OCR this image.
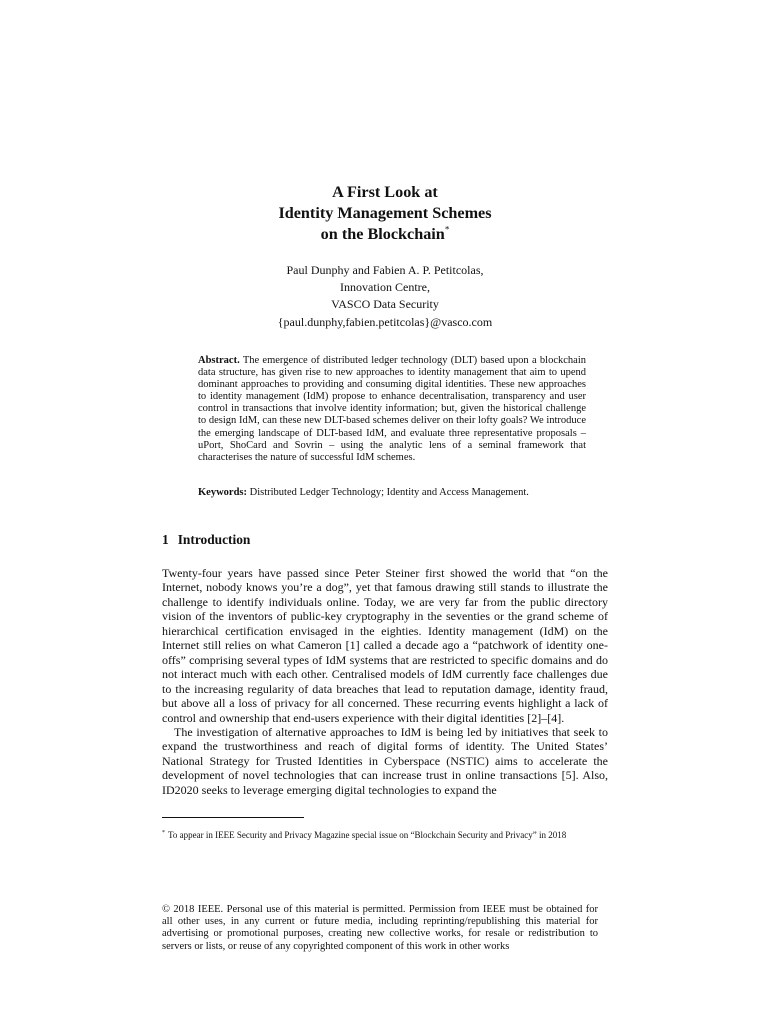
A First Look at
Identity Management Schemes
on the Blockchain*
Paul Dunphy and Fabien A. P. Petitcolas,
Innovation Centre,
VASCO Data Security
{paul.dunphy,fabien.petitcolas}@vasco.com
Abstract. The emergence of distributed ledger technology (DLT) based upon a blockchain data structure, has given rise to new approaches to identity management that aim to upend dominant approaches to providing and consuming digital identities. These new approaches to identity management (IdM) propose to enhance decentralisation, transparency and user control in transactions that involve identity information; but, given the historical challenge to design IdM, can these new DLT-based schemes deliver on their lofty goals? We introduce the emerging landscape of DLT-based IdM, and evaluate three representative proposals – uPort, ShoCard and Sovrin – using the analytic lens of a seminal framework that characterises the nature of successful IdM schemes.
Keywords: Distributed Ledger Technology; Identity and Access Management.
1 Introduction

Twenty-four years have passed since Peter Steiner first showed the world that “on the Internet, nobody knows you’re a dog”, yet that famous drawing still stands to illustrate the challenge to identify individuals online. Today, we are very far from the public directory vision of the inventors of public-key cryptography in the seventies or the grand scheme of hierarchical certification envisaged in the eighties. Identity management (IdM) on the Internet still relies on what Cameron [1] called a decade ago a “patchwork of identity one-offs” comprising several types of IdM systems that are restricted to specific domains and do not interact much with each other. Centralised models of IdM currently face challenges due to the increasing regularity of data breaches that lead to reputation damage, identity fraud, but above all a loss of privacy for all concerned. These recurring events highlight a lack of control and ownership that end-users experience with their digital identities [2]–[4].

The investigation of alternative approaches to IdM is being led by initiatives that seek to expand the trustworthiness and reach of digital forms of identity. The United States’ National Strategy for Trusted Identities in Cyberspace (NSTIC) aims to accelerate the development of novel technologies that can increase trust in online transactions [5]. Also, ID2020 seeks to leverage emerging digital technologies to expand the

* To appear in IEEE Security and Privacy Magazine special issue on “Blockchain Security and Privacy” in 2018
© 2018 IEEE. Personal use of this material is permitted. Permission from IEEE must be obtained for all other uses, in any current or future media, including reprinting/republishing this material for advertising or promotional purposes, creating new collective works, for resale or redistribution to servers or lists, or reuse of any copyrighted component of this work in other works
